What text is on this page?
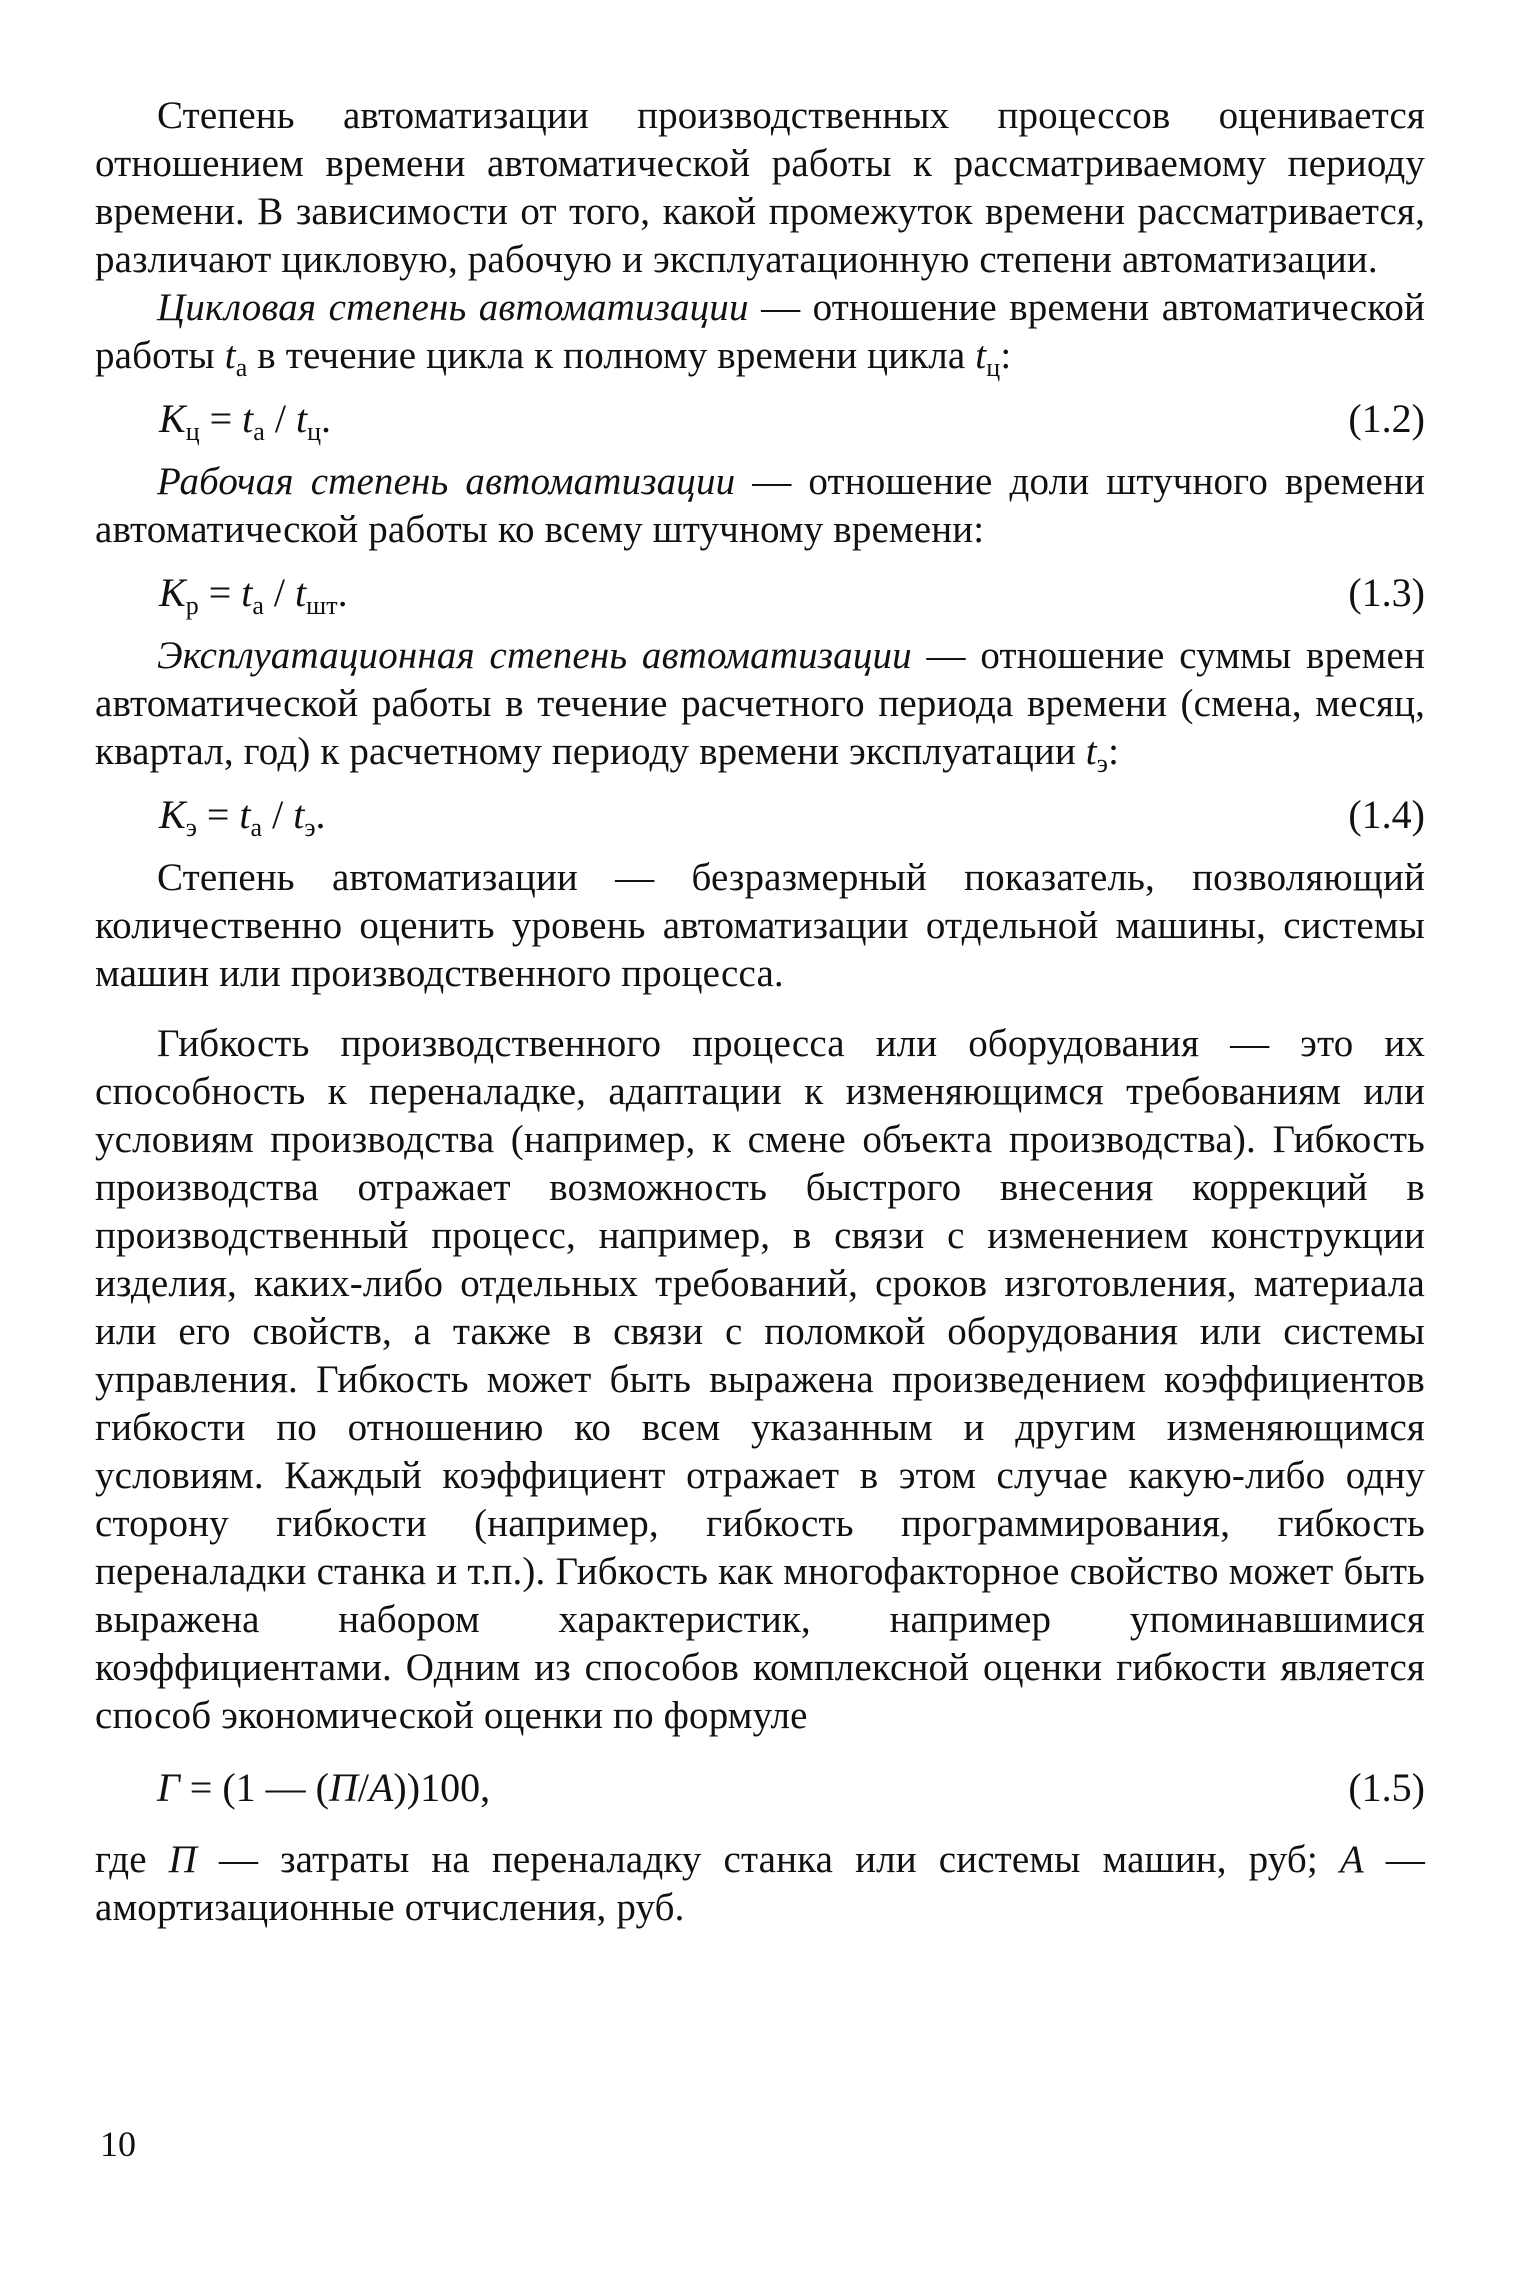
Степень автоматизации производственных процессов оценивается отношением времени автоматической работы к рассматриваемому периоду времени. В зависимости от того, какой промежуток времени рассматривается, различают цикловую, рабочую и эксплуатационную степени автоматизации.

Цикловая степень автоматизации — отношение времени автоматической работы $t_а$ в течение цикла к полному времени цикла $t_ц$:

$K_ц = t_а / t_ц$.	(1.2)

Рабочая степень автоматизации — отношение доли штучного времени автоматической работы ко всему штучному времени:

$K_р = t_а / t_{шт}$.	(1.3)

Эксплуатационная степень автоматизации — отношение суммы времен автоматической работы в течение расчетного периода времени (смена, месяц, квартал, год) к расчетному периоду времени эксплуатации $t_э$:

$K_э = t_а / t_э$.	(1.4)

Степень автоматизации — безразмерный показатель, позволяющий количественно оценить уровень автоматизации отдельной машины, системы машин или производственного процесса.

Гибкость производственного процесса или оборудования — это их способность к переналадке, адаптации к изменяющимся требованиям или условиям производства (например, к смене объекта производства). Гибкость производства отражает возможность быстрого внесения коррекций в производственный процесс, например, в связи с изменением конструкции изделия, каких-либо отдельных требований, сроков изготовления, материала или его свойств, а также в связи с поломкой оборудования или системы управления. Гибкость может быть выражена произведением коэффициентов гибкости по отношению ко всем указанным и другим изменяющимся условиям. Каждый коэффициент отражает в этом случае какую-либо одну сторону гибкости (например, гибкость программирования, гибкость переналадки станка и т.п.). Гибкость как многофакторное свойство может быть выражена набором характеристик, например упоминавшимися коэффициентами. Одним из способов комплексной оценки гибкости является способ экономической оценки по формуле

Г = (1 — (П/А))100,	(1.5)

где П — затраты на переналадку станка или системы машин, руб; А — амортизационные отчисления, руб.

10
